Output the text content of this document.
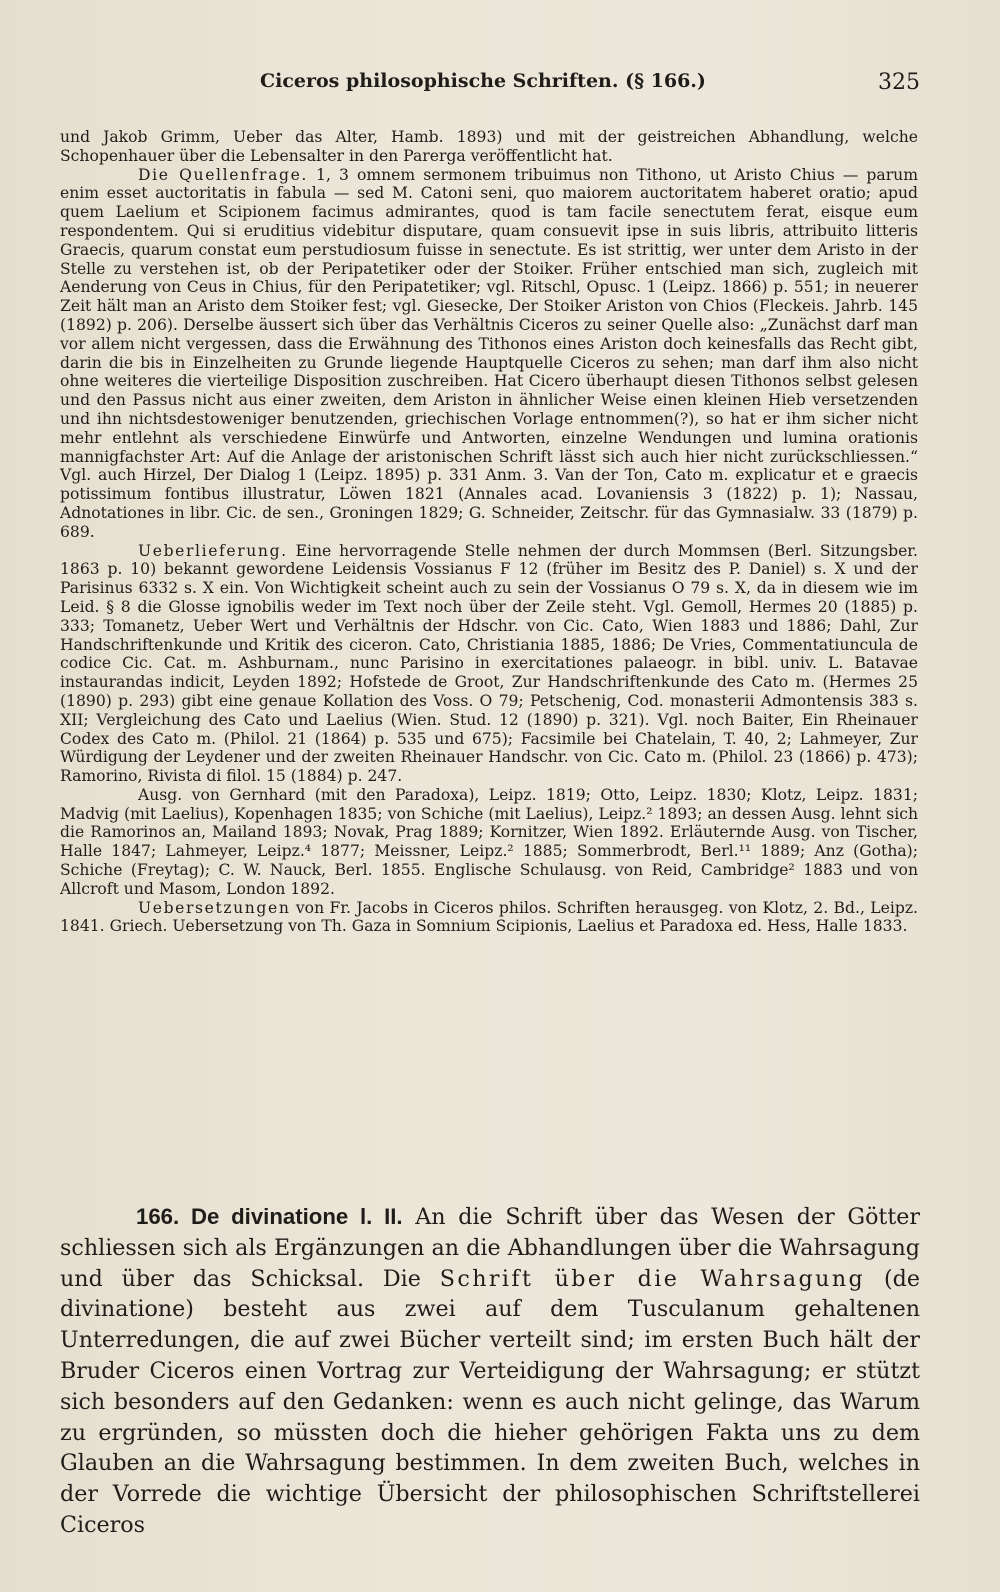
Ciceros philosophische Schriften. (§ 166.)	325

und Jakob Grimm, Ueber das Alter, Hamb. 1893) und mit der geistreichen Abhandlung, welche Schopenhauer über die Lebensalter in den Parerga veröffentlicht hat.

Die Quellenfrage. 1, 3 omnem sermonem tribuimus non Tithono, ut Aristo Chius — parum enim esset auctoritatis in fabula — sed M. Catoni seni, quo maiorem auctoritatem haberet oratio; apud quem Laelium et Scipionem facimus admirantes, quod is tam facile senectutem ferat, eisque eum respondentem. Qui si eruditius videbitur disputare, quam consuevit ipse in suis libris, attribuito litteris Graecis, quarum constat eum perstudiosum fuisse in senectute. Es ist strittig, wer unter dem Aristo in der Stelle zu verstehen ist, ob der Peripatetiker oder der Stoiker. Früher entschied man sich, zugleich mit Aenderung von Ceus in Chius, für den Peripatetiker; vgl. Ritschl, Opusc. 1 (Leipz. 1866) p. 551; in neuerer Zeit hält man an Aristo dem Stoiker fest; vgl. Giesecke, Der Stoiker Ariston von Chios (Fleckeis. Jahrb. 145 (1892) p. 206). Derselbe äussert sich über das Verhältnis Ciceros zu seiner Quelle also: „Zunächst darf man vor allem nicht vergessen, dass die Erwähnung des Tithonos eines Ariston doch keinesfalls das Recht gibt, darin die bis in Einzelheiten zu Grunde liegende Hauptquelle Ciceros zu sehen; man darf ihm also nicht ohne weiteres die vierteilige Disposition zuschreiben. Hat Cicero überhaupt diesen Tithonos selbst gelesen und den Passus nicht aus einer zweiten, dem Ariston in ähnlicher Weise einen kleinen Hieb versetzenden und ihn nichtsdestoweniger benutzenden, griechischen Vorlage entnommen(?), so hat er ihm sicher nicht mehr entlehnt als verschiedene Einwürfe und Antworten, einzelne Wendungen und lumina orationis mannigfachster Art: Auf die Anlage der aristonischen Schrift lässt sich auch hier nicht zurückschliessen.“ Vgl. auch Hirzel, Der Dialog 1 (Leipz. 1895) p. 331 Anm. 3. Van der Ton, Cato m. explicatur et e graecis potissimum fontibus illustratur, Löwen 1821 (Annales acad. Lovaniensis 3 (1822) p. 1); Nassau, Adnotationes in libr. Cic. de sen., Groningen 1829; G. Schneider, Zeitschr. für das Gymnasialw. 33 (1879) p. 689.

Ueberlieferung. Eine hervorragende Stelle nehmen der durch Mommsen (Berl. Sitzungsber. 1863 p. 10) bekannt gewordene Leidensis Vossianus F 12 (früher im Besitz des P. Daniel) s. X und der Parisinus 6332 s. X ein. Von Wichtigkeit scheint auch zu sein der Vossianus O 79 s. X, da in diesem wie im Leid. § 8 die Glosse ignobilis weder im Text noch über der Zeile steht. Vgl. Gemoll, Hermes 20 (1885) p. 333; Tomanetz, Ueber Wert und Verhältnis der Hdschr. von Cic. Cato, Wien 1883 und 1886; Dahl, Zur Handschriftenkunde und Kritik des ciceron. Cato, Christiania 1885, 1886; De Vries, Commentatiuncula de codice Cic. Cat. m. Ashburnam., nunc Parisino in exercitationes palaeogr. in bibl. univ. L. Batavae instaurandas indicit, Leyden 1892; Hofstede de Groot, Zur Handschriftenkunde des Cato m. (Hermes 25 (1890) p. 293) gibt eine genaue Kollation des Voss. O 79; Petschenig, Cod. monasterii Admontensis 383 s. XII; Vergleichung des Cato und Laelius (Wien. Stud. 12 (1890) p. 321). Vgl. noch Baiter, Ein Rheinauer Codex des Cato m. (Philol. 21 (1864) p. 535 und 675); Facsimile bei Chatelain, T. 40, 2; Lahmeyer, Zur Würdigung der Leydener und der zweiten Rheinauer Handschr. von Cic. Cato m. (Philol. 23 (1866) p. 473); Ramorino, Rivista di filol. 15 (1884) p. 247.

Ausg. von Gernhard (mit den Paradoxa), Leipz. 1819; Otto, Leipz. 1830; Klotz, Leipz. 1831; Madvig (mit Laelius), Kopenhagen 1835; von Schiche (mit Laelius), Leipz.² 1893; an dessen Ausg. lehnt sich die Ramorinos an, Mailand 1893; Novak, Prag 1889; Kornitzer, Wien 1892. Erläuternde Ausg. von Tischer, Halle 1847; Lahmeyer, Leipz.⁴ 1877; Meissner, Leipz.² 1885; Sommerbrodt, Berl.¹¹ 1889; Anz (Gotha); Schiche (Freytag); C. W. Nauck, Berl. 1855. Englische Schulausg. von Reid, Cambridge² 1883 und von Allcroft und Masom, London 1892.

Uebersetzungen von Fr. Jacobs in Ciceros philos. Schriften herausgeg. von Klotz, 2. Bd., Leipz. 1841. Griech. Uebersetzung von Th. Gaza in Somnium Scipionis, Laelius et Paradoxa ed. Hess, Halle 1833.

166. De divinatione l. II. An die Schrift über das Wesen der Götter schliessen sich als Ergänzungen an die Abhandlungen über die Wahrsagung und über das Schicksal. Die Schrift über die Wahrsagung (de divinatione) besteht aus zwei auf dem Tusculanum gehaltenen Unterredungen, die auf zwei Bücher verteilt sind; im ersten Buch hält der Bruder Ciceros einen Vortrag zur Verteidigung der Wahrsagung; er stützt sich besonders auf den Gedanken: wenn es auch nicht gelinge, das Warum zu ergründen, so müssten doch die hieher gehörigen Fakta uns zu dem Glauben an die Wahrsagung bestimmen. In dem zweiten Buch, welches in der Vorrede die wichtige Übersicht der philosophischen Schriftstellerei Ciceros
